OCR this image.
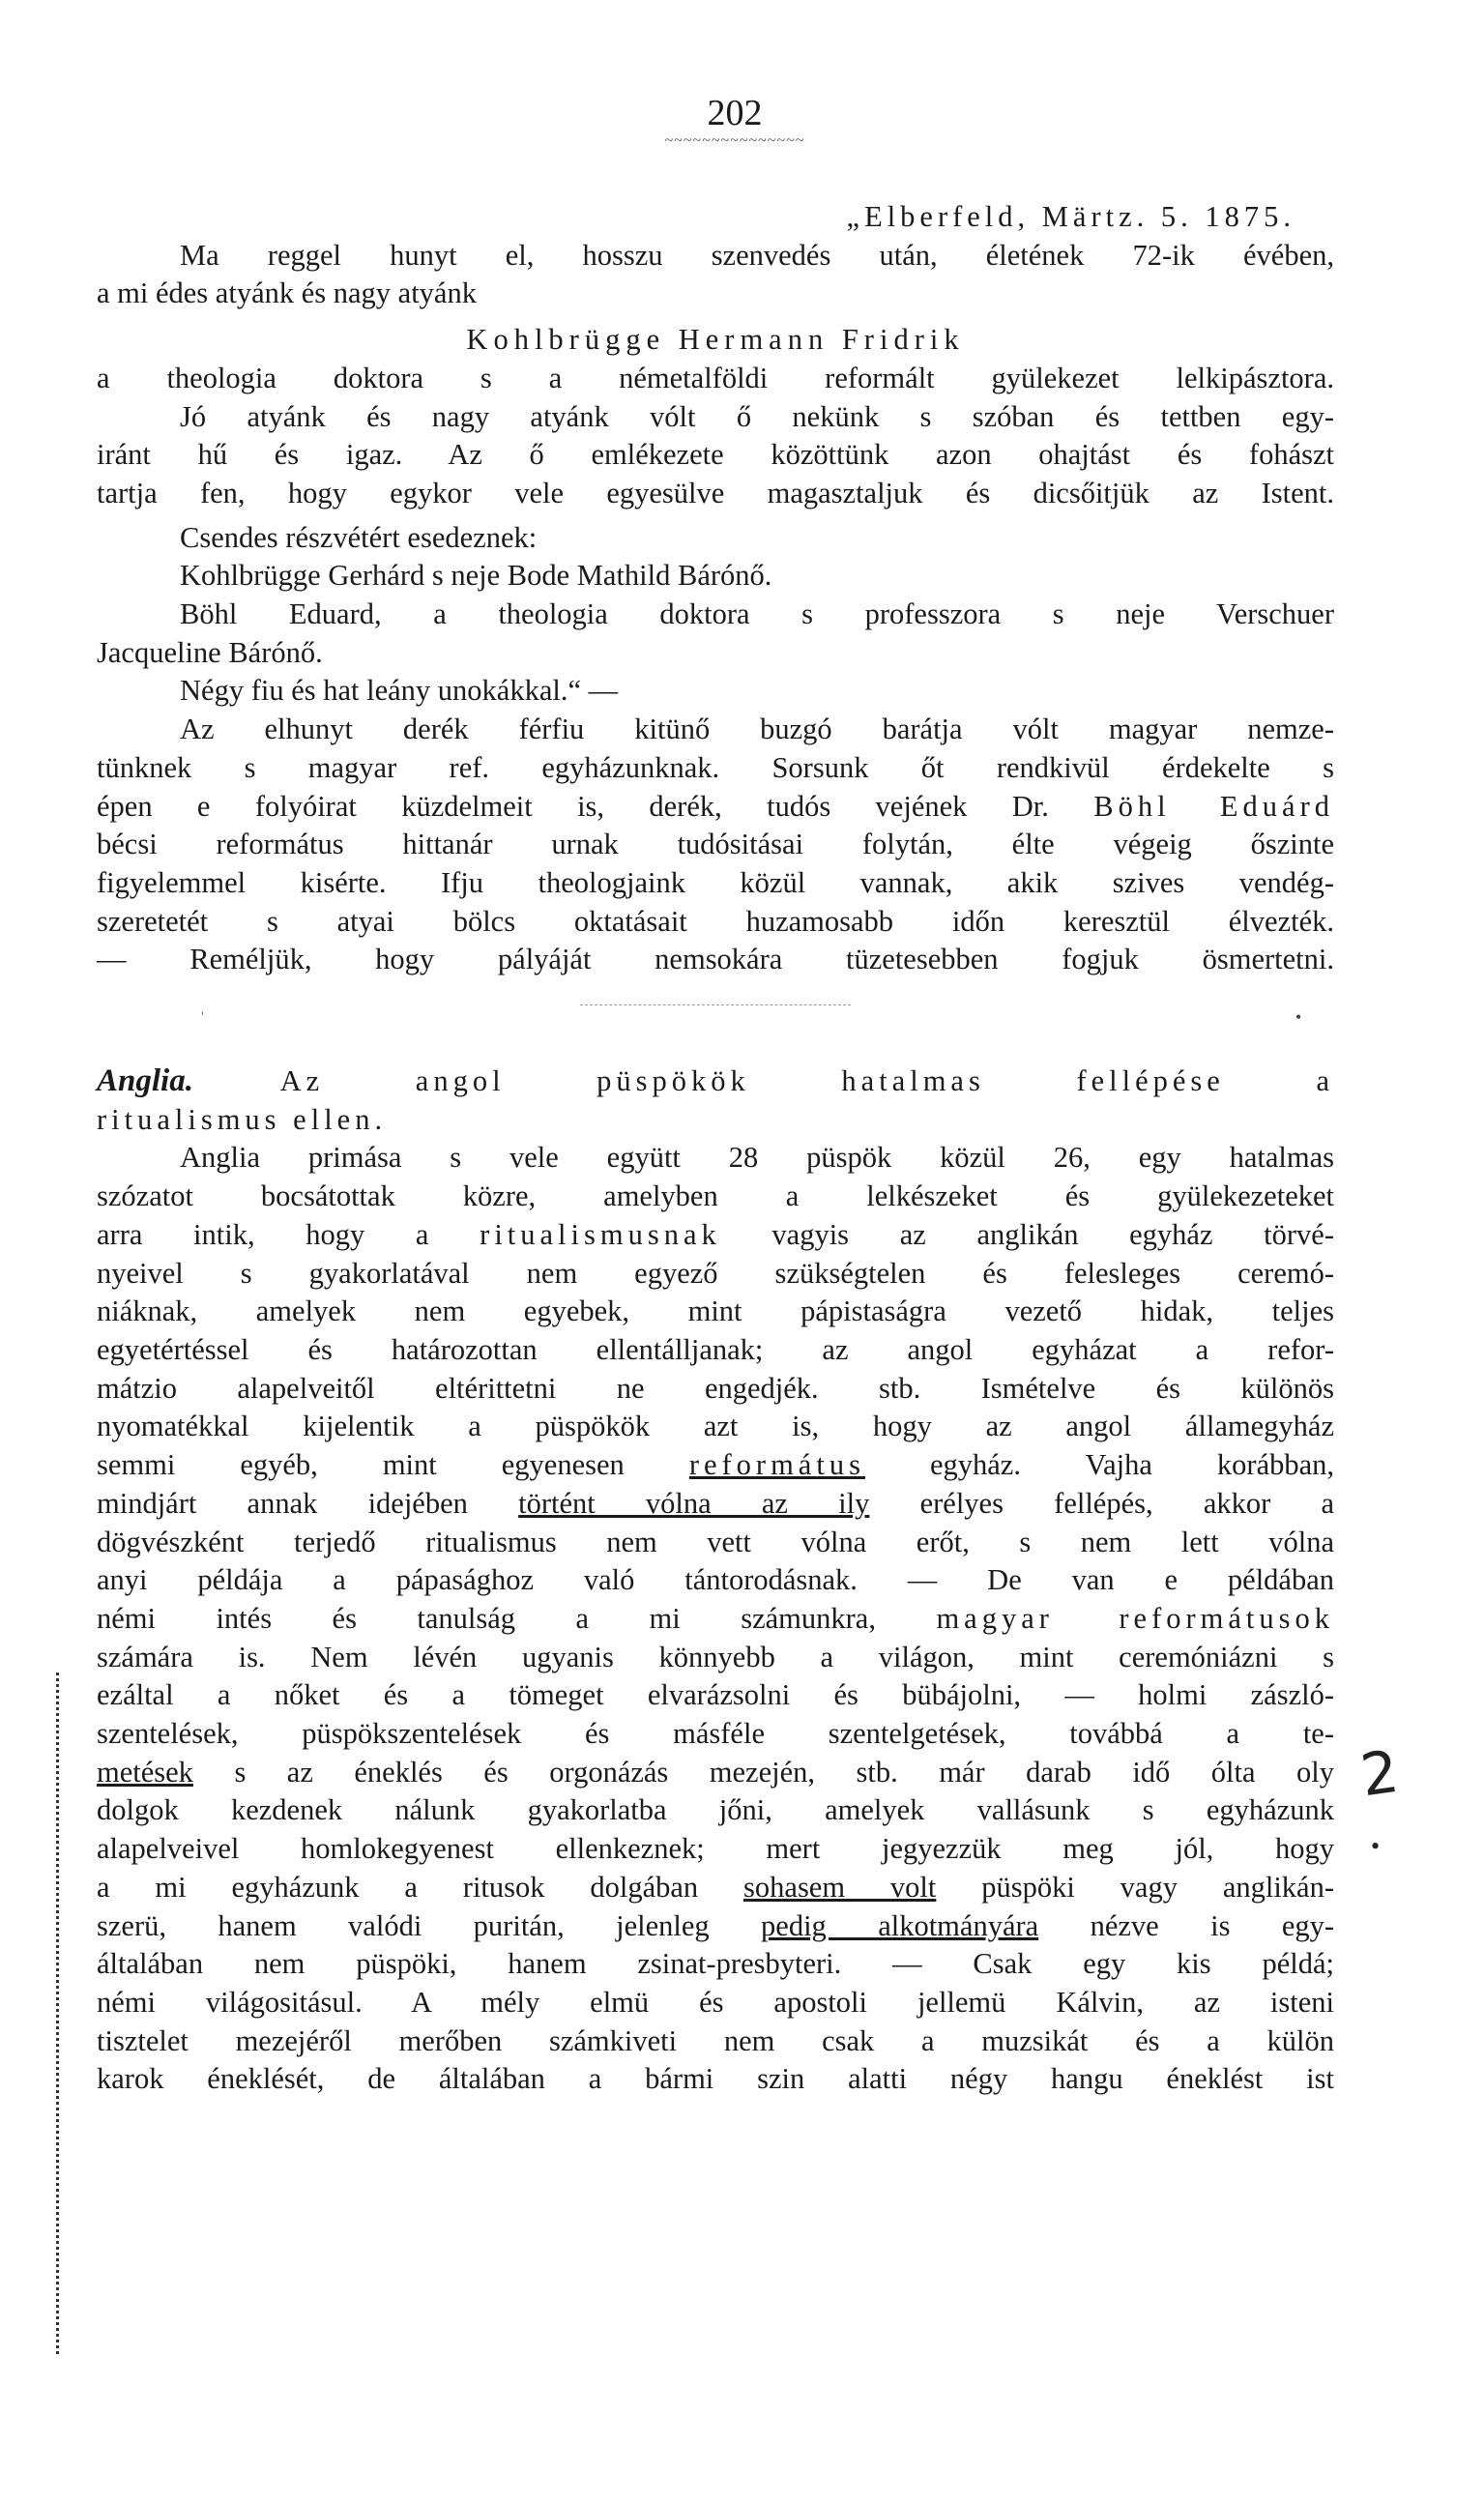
202
~~~~~~~~~~~~~~~
„Elberfeld, Märtz. 5. 1875.
Ma reggel hunyt el, hosszu szenvedés után, életének 72-ik évében,
a mi édes atyánk és nagy atyánk
Kohlbrügge Hermann Fridrik
a theologia doktora s a németalföldi reformált gyülekezet lelkipásztora.
Jó atyánk és nagy atyánk vólt ő nekünk s szóban és tettben egy-
iránt hű és igaz. Az ő emlékezete közöttünk azon ohajtást és fohászt
tartja fen, hogy egykor vele egyesülve magasztaljuk és dicsőitjük az Istent.
Csendes részvétért esedeznek:
Kohlbrügge Gerhárd s neje Bode Mathild Bárónő.
Böhl Eduard, a theologia doktora s professzora s neje Verschuer
Jacqueline Bárónő.
Négy fiu és hat leány unokákkal.“ —
Az elhunyt derék férfiu kitünő buzgó barátja vólt magyar nemze-
tünknek s magyar ref. egyházunknak. Sorsunk őt rendkivül érdekelte s
épen e folyóirat küzdelmeit is, derék, tudós vejének Dr. Böhl Eduárd
bécsi református hittanár urnak tudósitásai folytán, élte végeig őszinte
figyelemmel kisérte. Ifju theologjaink közül vannak, akik szives vendég-
szeretetét s atyai bölcs oktatásait huzamosabb időn keresztül élvezték.
— Reméljük, hogy pályáját nemsokára tüzetesebben fogjuk ösmertetni.
'	•
Anglia.	Az angol püspökök hatalmas fellépése a
ritualismus ellen.
Anglia primása s vele együtt 28 püspök közül 26, egy hatalmas
szózatot bocsátottak közre, amelyben a lelkészeket és gyülekezeteket
arra intik, hogy a ritualismusnak vagyis az anglikán egyház törvé-
nyeivel s gyakorlatával nem egyező szükségtelen és felesleges ceremó-
niáknak, amelyek nem egyebek, mint pápistaságra vezető hidak, teljes
egyetértéssel és határozottan ellentálljanak; az angol egyházat a refor-
mátzio alapelveitől eltérittetni ne engedjék. stb. Ismételve és különös
nyomatékkal kijelentik a püspökök azt is, hogy az angol államegyház
semmi egyéb, mint egyenesen református egyház. Vajha korábban,
mindjárt annak idejében történt vólna az ily erélyes fellépés, akkor a
dögvészként terjedő ritualismus nem vett vólna erőt, s nem lett vólna
anyi példája a pápasághoz való tántorodásnak. — De van e példában
némi intés és tanulság a mi számunkra, magyar reformátusok
számára is. Nem lévén ugyanis könnyebb a világon, mint ceremóniázni s
ezáltal a nőket és a tömeget elvarázsolni és bübájolni, — holmi zászló-
szentelések, püspökszentelések és másféle szentelgetések, továbbá a te-
metések s az éneklés és orgonázás mezején, stb. már darab idő ólta oly
dolgok kezdenek nálunk gyakorlatba jőni, amelyek vallásunk s egyházunk
alapelveivel homlokegyenest ellenkeznek; mert jegyezzük meg jól, hogy
a mi egyházunk a ritusok dolgában sohasem volt püspöki vagy anglikán-
szerü, hanem valódi puritán, jelenleg pedig alkotmányára nézve is egy-
általában nem püspöki, hanem zsinat-presbyteri. — Csak egy kis példá;
némi világositásul. A mély elmü és apostoli jellemü Kálvin, az isteni
tisztelet mezejéről merőben számkiveti nem csak a muzsikát és a külön
karok éneklését, de általában a bármi szin alatti négy hangu éneklést ist
2
•
